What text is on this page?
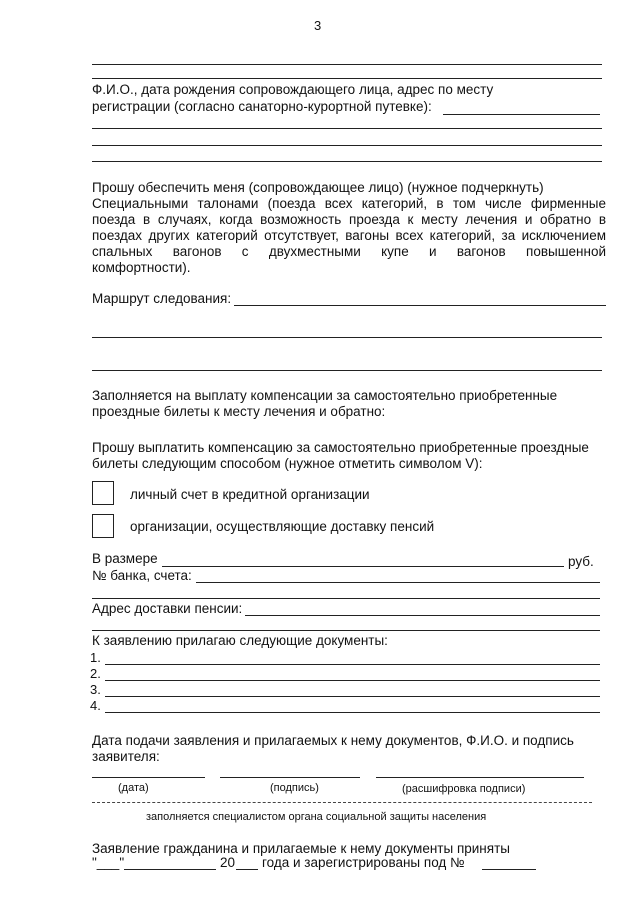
3
Ф.И.О., дата рождения сопровождающего лица, адрес по месту
регистрации (согласно санаторно-курортной путевке):
Прошу обеспечить меня (сопровождающее лицо) (нужное подчеркнуть)
Специальными талонами (поезда всех категорий, в том числе фирменные
поезда в случаях, когда возможность проезда к месту лечения и обратно в
поездах других категорий отсутствует, вагоны всех категорий, за исключением
спальных вагонов с двухместными купе и вагонов повышенной
комфортности).
Маршрут следования:
Заполняется на выплату компенсации за самостоятельно приобретенные
проездные билеты к месту лечения и обратно:
Прошу выплатить компенсацию за самостоятельно приобретенные проездные
билеты следующим способом (нужное отметить символом V):
личный счет в кредитной организации
организации, осуществляющие доставку пенсий
В размере	руб.
№ банка, счета:
Адрес доставки пенсии:
К заявлению прилагаю следующие документы:
1.
2.
3.
4.
Дата подачи заявления и прилагаемых к нему документов, Ф.И.О. и подпись
заявителя:
(дата)	(подпись)	(расшифровка подписи)
заполняется специалистом органа социальной защиты населения
Заявление гражданина и прилагаемые к нему документы приняты
"___"	20 года и зарегистрированы под №
